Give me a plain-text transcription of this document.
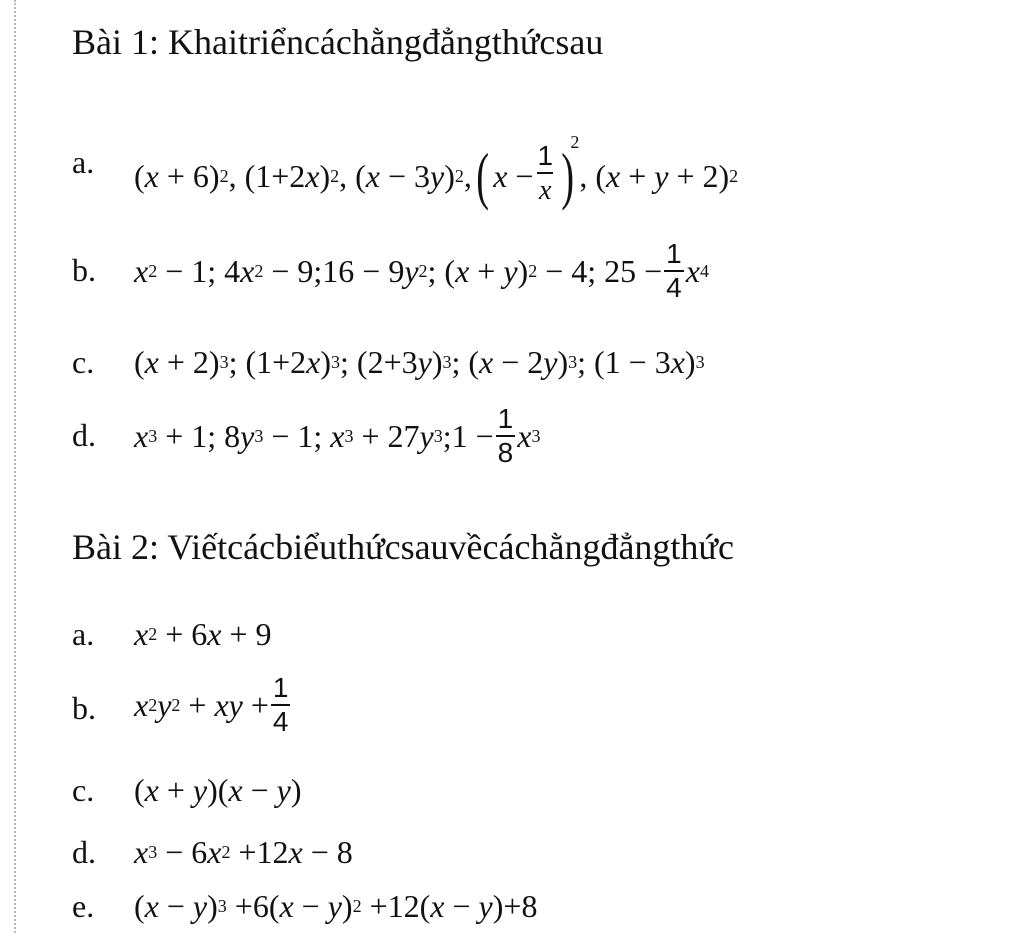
Bài 1: Khaitriểncáchằngđẳngthứcsau
a. ( x + 6) 2 , (1+2 x ) 2 , ( x − 3 y ) 2 , ( $x - \frac{1}{x}$ )
2
, ( x + y + 2) 2
b. x 2 − 1; 4 x 2 − 9;16 − 9 y 2 ; ( x + y ) 2 − 4; $25 - \frac{1}{4}$ x 4
c. ( x + 2) 3 ; (1+2 x ) 3 ; (2+3 y ) 3 ; ( x − 2 y ) 3 ; (1 − 3 x ) 3
d. x 3 + 1; 8 y 3 − 1; x 3 + 27 y 3 ;1 − $\frac{1}{8}$ x 3
Bài 2: Viếtcácbiểuthứcsauvềcáchằngđẳngthức
a. x 2 + 6 x + 9
b. x 2 y 2 + xy + $\frac{1}{4}$
c. ( x + y )( x − y )
d. x 3 − 6 x 2 +12 x − 8
e. ( x − y ) 3 +6( x − y ) 2 +12( x − y )+8
